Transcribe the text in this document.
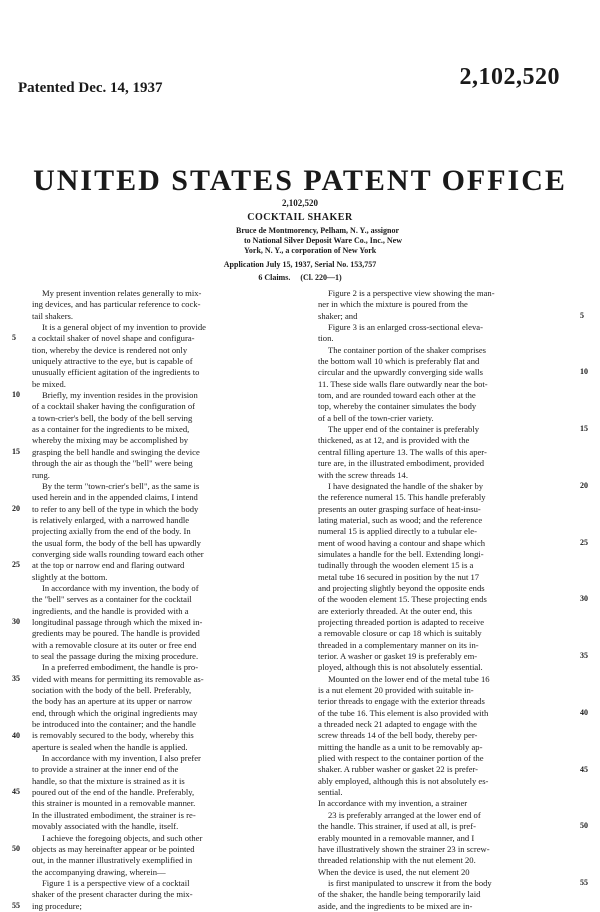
Patented Dec. 14, 1937	2,102,520
UNITED STATES PATENT OFFICE
2,102,520
COCKTAIL SHAKER
Bruce de Montmorency, Pelham, N. Y., assignor
to National Silver Deposit Ware Co., Inc., New
York, N. Y., a corporation of New York
Application July 15, 1937, Serial No. 153,757
6 Claims. (Cl. 220—1)
My present invention relates generally to mix-
ing devices, and has particular reference to cock-
tail shakers.
It is a general object of my invention to provide
a cocktail shaker of novel shape and configura-
tion, whereby the device is rendered not only
uniquely attractive to the eye, but is capable of
unusually efficient agitation of the ingredients to
be mixed.
Briefly, my invention resides in the provision
of a cocktail shaker having the configuration of
a town-crier's bell, the body of the bell serving
as a container for the ingredients to be mixed,
whereby the mixing may be accomplished by
grasping the bell handle and swinging the device
through the air as though the "bell" were being
rung.
By the term "town-crier's bell", as the same is
used herein and in the appended claims, I intend
to refer to any bell of the type in which the body
is relatively enlarged, with a narrowed handle
projecting axially from the end of the body. In
the usual form, the body of the bell has upwardly
converging side walls rounding toward each other
at the top or narrow end and flaring outward
slightly at the bottom.
In accordance with my invention, the body of
the "bell" serves as a container for the cocktail
ingredients, and the handle is provided with a
longitudinal passage through which the mixed in-
gredients may be poured. The handle is provided
with a removable closure at its outer or free end
to seal the passage during the mixing procedure.
In a preferred embodiment, the handle is pro-
vided with means for permitting its removable as-
sociation with the body of the bell. Preferably,
the body has an aperture at its upper or narrow
end, through which the original ingredients may
be introduced into the container; and the handle
is removably secured to the body, whereby this
aperture is sealed when the handle is applied.
In accordance with my invention, I also prefer
to provide a strainer at the inner end of the
handle, so that the mixture is strained as it is
poured out of the end of the handle. Preferably,
this strainer is mounted in a removable manner.
In the illustrated embodiment, the strainer is re-
movably associated with the handle, itself.
I achieve the foregoing objects, and such other
objects as may hereinafter appear or be pointed
out, in the manner illustratively exemplified in
the accompanying drawing, wherein—
Figure 1 is a perspective view of a cocktail
shaker of the present character during the mix-
ing procedure;
Figure 2 is a perspective view showing the man-
ner in which the mixture is poured from the
shaker; and
Figure 3 is an enlarged cross-sectional eleva-
tion.
The container portion of the shaker comprises
the bottom wall 10 which is preferably flat and
circular and the upwardly converging side walls
11. These side walls flare outwardly near the bot-
tom, and are rounded toward each other at the
top, whereby the container simulates the body
of a bell of the town-crier variety.
The upper end of the container is preferably
thickened, as at 12, and is provided with the
central filling aperture 13. The walls of this aper-
ture are, in the illustrated embodiment, provided
with the screw threads 14.
I have designated the handle of the shaker by
the reference numeral 15. This handle preferably
presents an outer grasping surface of heat-insu-
lating material, such as wood; and the reference
numeral 15 is applied directly to a tubular ele-
ment of wood having a contour and shape which
simulates a handle for the bell. Extending longi-
tudinally through the wooden element 15 is a
metal tube 16 secured in position by the nut 17
and projecting slightly beyond the opposite ends
of the wooden element 15. These projecting ends
are exteriorly threaded. At the outer end, this
projecting threaded portion is adapted to receive
a removable closure or cap 18 which is suitably
threaded in a complementary manner on its in-
terior. A washer or gasket 19 is preferably em-
ployed, although this is not absolutely essential.
Mounted on the lower end of the metal tube 16
is a nut element 20 provided with suitable in-
terior threads to engage with the exterior threads
of the tube 16. This element is also provided with
a threaded neck 21 adapted to engage with the
screw threads 14 of the bell body, thereby per-
mitting the handle as a unit to be removably ap-
plied with respect to the container portion of the
shaker. A rubber washer or gasket 22 is prefer-
ably employed, although this is not absolutely es-
sential.
In accordance with my invention, a strainer
23 is preferably arranged at the lower end of
the handle. This strainer, if used at all, is pref-
erably mounted in a removable manner, and I
have illustratively shown the strainer 23 in screw-
threaded relationship with the nut element 20.
When the device is used, the nut element 20
is first manipulated to unscrew it from the body
of the shaker, the handle being temporarily laid
aside, and the ingredients to be mixed are in-
5
10
15
20
25
30
35
40
45
50
55
5
10
15
20
25
30
35
40
45
50
55
